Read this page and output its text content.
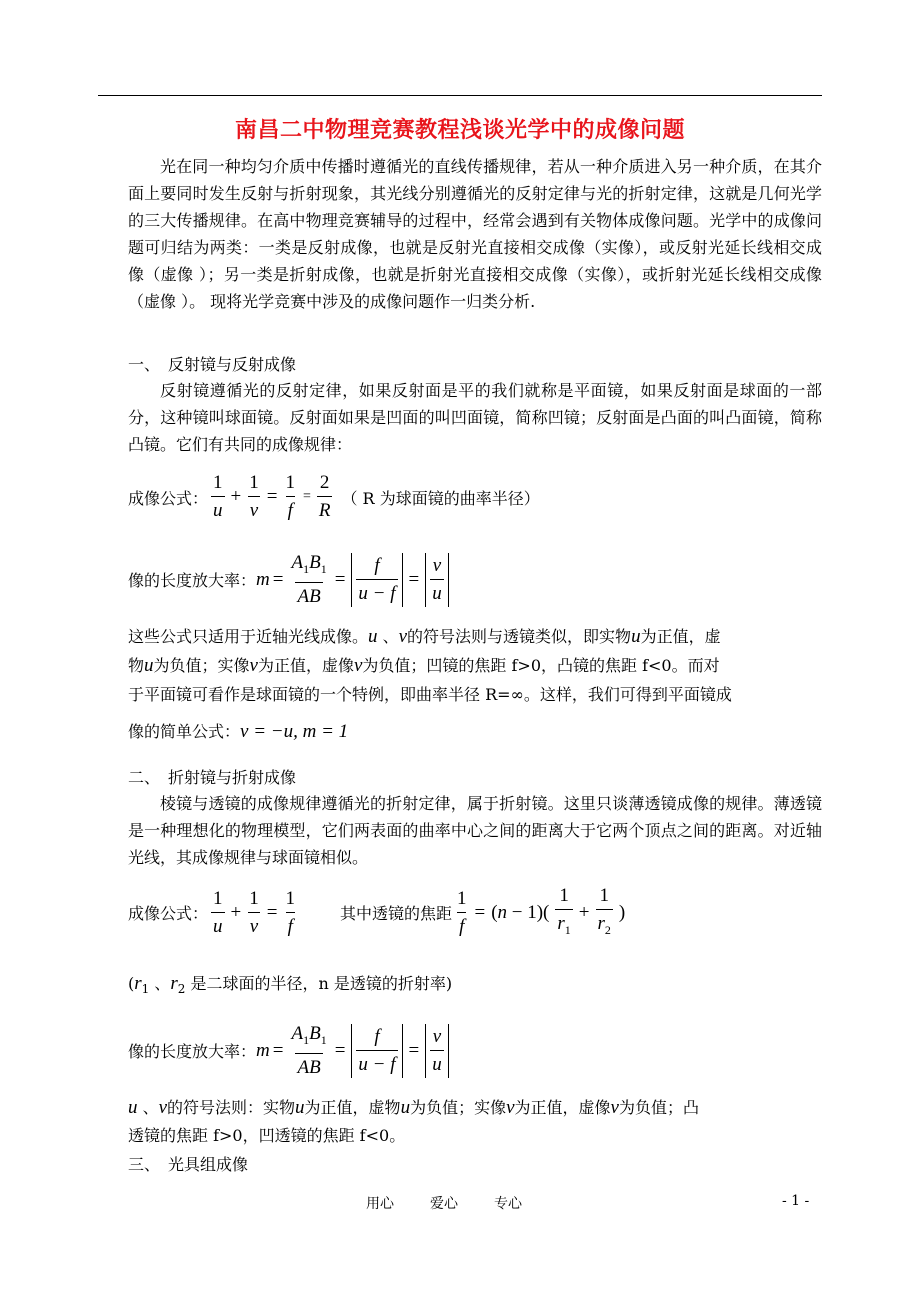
南昌二中物理竞赛教程浅谈光学中的成像问题
光在同一种均匀介质中传播时遵循光的直线传播规律，若从一种介质进入另一种介质，在其介面上要同时发生反射与折射现象，其光线分别遵循光的反射定律与光的折射定律，这就是几何光学的三大传播规律。在高中物理竞赛辅导的过程中，经常会遇到有关物体成像问题。光学中的成像问题可归结为两类：一类是反射成像，也就是反射光直接相交成像（实像），或反射光延长线相交成像（虚像 ）；另一类是折射成像，也就是折射光直接相交成像（实像），或折射光延长线相交成像（虚像 ）。 现将光学竞赛中涉及的成像问题作一归类分析.
一、 反射镜与反射成像
反射镜遵循光的反射定律，如果反射面是平的我们就称是平面镜，如果反射面是球面的一部分，这种镜叫球面镜。反射面如果是凹面的叫凹面镜，简称凹镜；反射面是凸面的叫凸面镜，简称凸镜。它们有共同的成像规律：
成像公式： $\frac{1}{u} + \frac{1}{v} = \frac{1}{f} = \frac{2}{R}$ （ R 为球面镜的曲率半径）
像的长度放大率： $m = \frac{A_1B_1}{AB} = \frac{f}{u - f} = \frac{v}{u}$
这些公式只适用于近轴光线成像。u 、v的符号法则与透镜类似，即实物u为正值，虚
物u为负值；实像v为正值，虚像v为负值；凹镜的焦距 f>0，凸镜的焦距 f<0。而对
于平面镜可看作是球面镜的一个特例，即曲率半径 R=∞。这样，我们可得到平面镜成
像的简单公式：v = −u, m = 1
二、 折射镜与折射成像
棱镜与透镜的成像规律遵循光的折射定律，属于折射镜。这里只谈薄透镜成像的规律。薄透镜是一种理想化的物理模型，它们两表面的曲率中心之间的距离大于它两个顶点之间的距离。对近轴光线，其成像规律与球面镜相似。
成像公式： $\frac{1}{u} + \frac{1}{v} = \frac{1}{f}$	其中透镜的焦距 $\frac{1}{f} = (n - 1)( \frac{1}{r_1} + \frac{1}{r_2}$ )
($r_1$ 、$r_2$ 是二球面的半径，n 是透镜的折射率)
像的长度放大率： $m = \frac{A_1B_1}{AB} = \frac{f}{u - f} = \frac{v}{u}$
u 、v的符号法则：实物u为正值，虚物u为负值；实像v为正值，虚像v为负值；凸
透镜的焦距 f>0，凹透镜的焦距 f<0。
三、 光具组成像
用心	爱心	专心	- 1 -
